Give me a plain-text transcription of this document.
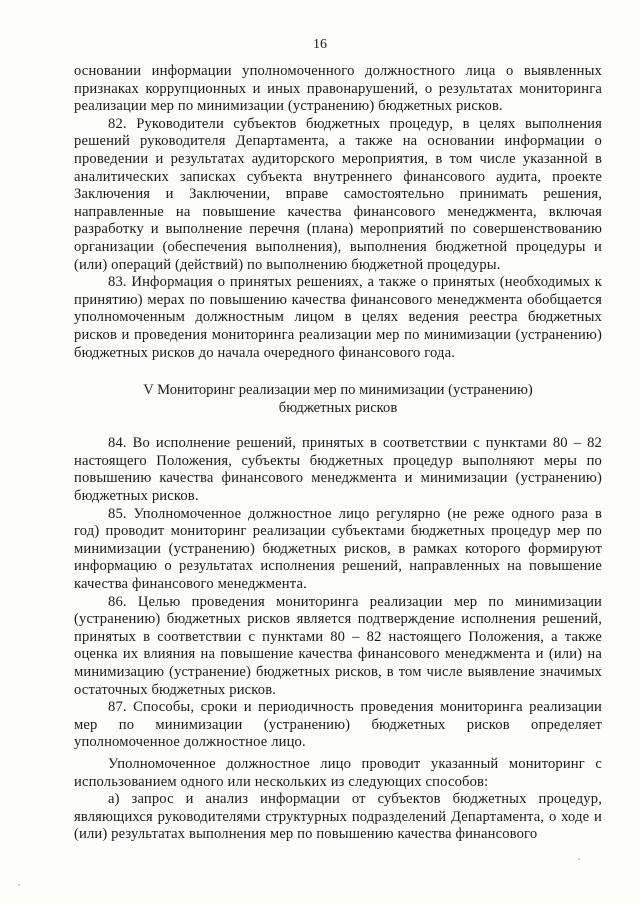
16

основании информации уполномоченного должностного лица о выявленных признаках коррупционных и иных правонарушений, о результатах мониторинга реализации мер по минимизации (устранению) бюджетных рисков.

82. Руководители субъектов бюджетных процедур, в целях выполнения решений руководителя Департамента, а также на основании информации о проведении и результатах аудиторского мероприятия, в том числе указанной в аналитических записках субъекта внутреннего финансового аудита, проекте Заключения и Заключении, вправе самостоятельно принимать решения, направленные на повышение качества финансового менеджмента, включая разработку и выполнение перечня (плана) мероприятий по совершенствованию организации (обеспечения выполнения), выполнения бюджетной процедуры и (или) операций (действий) по выполнению бюджетной процедуры.

83. Информация о принятых решениях, а также о принятых (необходимых к принятию) мерах по повышению качества финансового менеджмента обобщается уполномоченным должностным лицом в целях ведения реестра бюджетных рисков и проведения мониторинга реализации мер по минимизации (устранению) бюджетных рисков до начала очередного финансового года.

V Мониторинг реализации мер по минимизации (устранению)
бюджетных рисков

84. Во исполнение решений, принятых в соответствии с пунктами 80 – 82 настоящего Положения, субъекты бюджетных процедур выполняют меры по повышению качества финансового менеджмента и минимизации (устранению) бюджетных рисков.

85. Уполномоченное должностное лицо регулярно (не реже одного раза в год) проводит мониторинг реализации субъектами бюджетных процедур мер по минимизации (устранению) бюджетных рисков, в рамках которого формируют информацию о результатах исполнения решений, направленных на повышение качества финансового менеджмента.

86. Целью проведения мониторинга реализации мер по минимизации (устранению) бюджетных рисков является подтверждение исполнения решений, принятых в соответствии с пунктами 80 – 82 настоящего Положения, а также оценка их влияния на повышение качества финансового менеджмента и (или) на минимизацию (устранение) бюджетных рисков, в том числе выявление значимых остаточных бюджетных рисков.

87. Способы, сроки и периодичность проведения мониторинга реализации мер по минимизации (устранению) бюджетных рисков определяет уполномоченное должностное лицо.

Уполномоченное должностное лицо проводит указанный мониторинг с использованием одного или нескольких из следующих способов:

а) запрос и анализ информации от субъектов бюджетных процедур, являющихся руководителями структурных подразделений Департамента, о ходе и (или) результатах выполнения мер по повышению качества финансового
